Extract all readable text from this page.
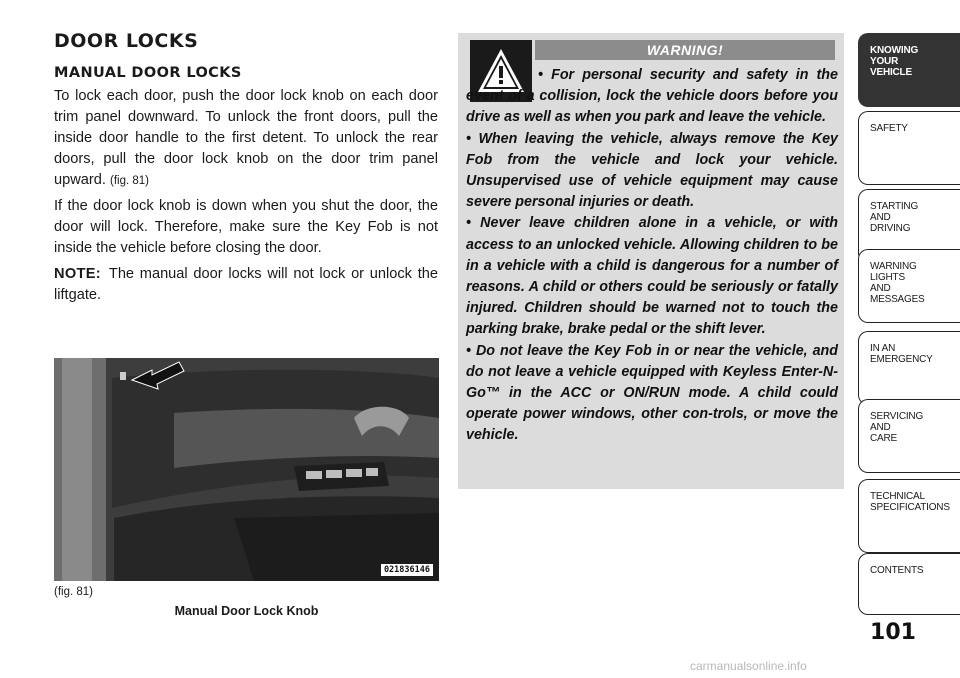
DOOR LOCKS
MANUAL DOOR LOCKS

To lock each door, push the door lock knob on each door trim panel downward. To unlock the front doors, pull the inside door handle to the first detent. To unlock the rear doors, pull the door lock knob on the door trim panel upward. (fig. 81)

If the door lock knob is down when you shut the door, the door will lock. Therefore, make sure the Key Fob is not inside the vehicle before closing the door.

NOTE: The manual door locks will not lock or unlock the liftgate.

021836146
(fig. 81)
Manual Door Lock Knob
WARNING!

• For personal security and safety in the event of a collision, lock the vehicle doors before you drive as well as when you park and leave the vehicle.
• When leaving the vehicle, always remove the Key Fob from the vehicle and lock your vehicle. Unsupervised use of vehicle equipment may cause severe personal injuries or death.
• Never leave children alone in a vehicle, or with access to an unlocked vehicle. Allowing children to be in a vehicle with a child is dangerous for a number of reasons. A child or others could be seriously or fatally injured. Children should be warned not to touch the parking brake, brake pedal or the shift lever.
• Do not leave the Key Fob in or near the vehicle, and do not leave a vehicle equipped with Keyless Enter-N-Go™ in the ACC or ON/RUN mode. A child could operate power windows, other con-trols, or move the vehicle.

KNOWING
YOUR
VEHICLE
SAFETY
STARTING
AND
DRIVING
WARNING
LIGHTS
AND
MESSAGES
IN AN
EMERGENCY
SERVICING
AND
CARE
TECHNICAL
SPECIFICATIONS
CONTENTS
101
carmanualsonline.info
